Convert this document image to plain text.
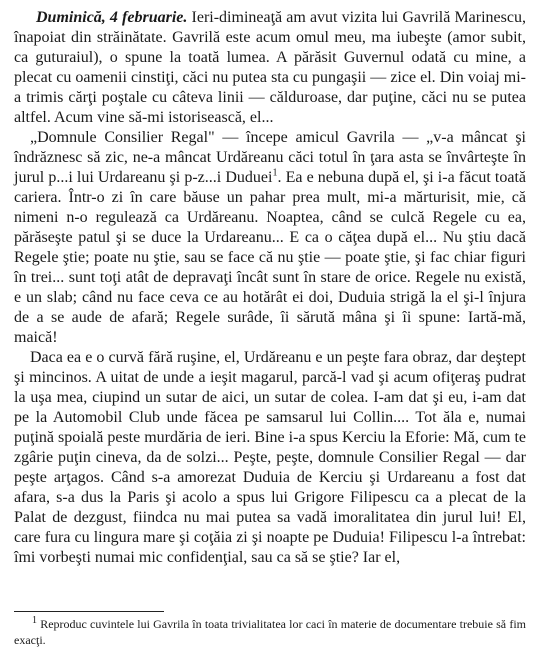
Duminică, 4 februarie. Ieri-dimineaţă am avut vizita lui Gavrilă Marinescu, înapoiat din străinătate. Gavrilă este acum omul meu, ma iubeşte (amor subit, ca guturaiul), o spune la toată lumea. A părăsit Guvernul odată cu mine, a plecat cu oamenii cinstiţi, căci nu putea sta cu pungaşii — zice el. Din voiaj mi-a trimis cărţi poştale cu câteva linii — călduroase, dar puţine, căci nu se putea altfel. Acum vine să-mi istorisească, el...

„Domnule Consilier Regal" — începe amicul Gavrila — „v-a mâncat şi îndrăznesc să zic, ne-a mâncat Urdăreanu căci totul în ţara asta se învârteşte în jurul p...i lui Urdareanu şi p-z...i Duduei$^1$. Ea e nebuna după el, şi i-a făcut toată cariera. Într-o zi în care băuse un pahar prea mult, mi-a mărturisit, mie, că nimeni n-o regulează ca Urdăreanu. Noaptea, când se culcă Regele cu ea, părăseşte patul şi se duce la Urdareanu... E ca o căţea după el... Nu ştiu dacă Regele ştie; poate nu ştie, sau se face că nu ştie — poate ştie, şi fac chiar figuri în trei... sunt toţi atât de depravaţi încât sunt în stare de orice. Regele nu există, e un slab; când nu face ceva ce au hotărât ei doi, Duduia strigă la el şi-l înjura de a se aude de afară; Regele surâde, îi sărută mâna şi îi spune: Iartă-mă, maică!

Daca ea e o curvă fără ruşine, el, Urdăreanu e un peşte fara obraz, dar deştept şi mincinos. A uitat de unde a ieşit magarul, parcă-l vad şi acum ofiţeraş pudrat la uşa mea, ciupind un sutar de aici, un sutar de colea. I-am dat şi eu, i-am dat pe la Automobil Club unde făcea pe samsarul lui Collin.... Tot ăla e, numai puţină spoială peste murdăria de ieri. Bine i-a spus Kerciu la Eforie: Mă, cum te zgârie puţin cineva, da de solzi... Peşte, peşte, domnule Consilier Regal — dar peşte arţagos. Când s-a amorezat Duduia de Kerciu şi Urdareanu a fost dat afara, s-a dus la Paris şi acolo a spus lui Grigore Filipescu ca a plecat de la Palat de dezgust, fiindca nu mai putea sa vadă imoralitatea din jurul lui! El, care fura cu lingura mare şi coţăia zi şi noapte pe Duduia! Filipescu l-a întrebat: îmi vorbeşti numai mic confidenţial, sau ca să se ştie? Iar el,

$^1$ Reproduc cuvintele lui Gavrila în toata trivialitatea lor caci în materie de documentare trebuie să fim exacţi.
